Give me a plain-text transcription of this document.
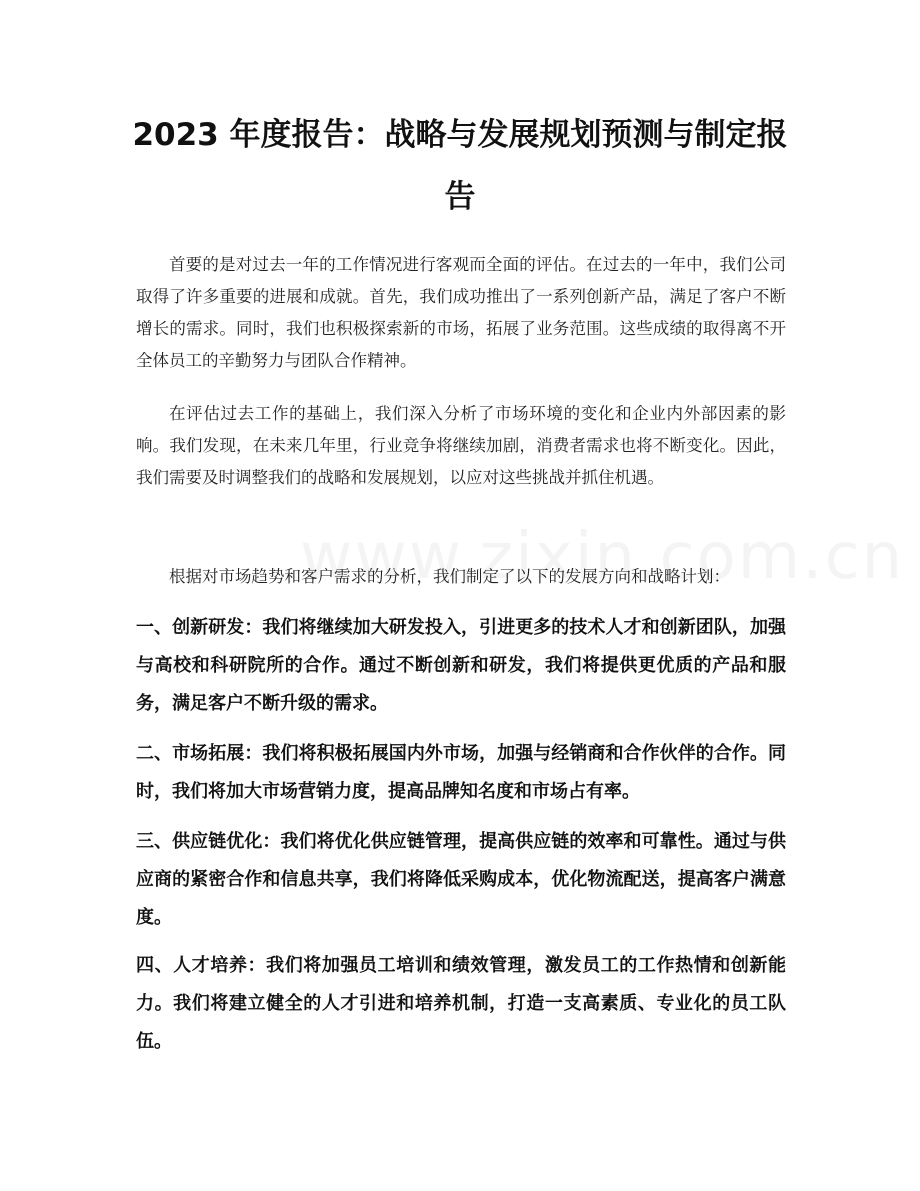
2023 年度报告：战略与发展规划预测与制定报告

首要的是对过去一年的工作情况进行客观而全面的评估。在过去的一年中，我们公司取得了许多重要的进展和成就。首先，我们成功推出了一系列创新产品，满足了客户不断增长的需求。同时，我们也积极探索新的市场，拓展了业务范围。这些成绩的取得离不开全体员工的辛勤努力与团队合作精神。

在评估过去工作的基础上，我们深入分析了市场环境的变化和企业内外部因素的影响。我们发现，在未来几年里，行业竞争将继续加剧，消费者需求也将不断变化。因此，我们需要及时调整我们的战略和发展规划，以应对这些挑战并抓住机遇。

根据对市场趋势和客户需求的分析，我们制定了以下的发展方向和战略计划：

一、创新研发：我们将继续加大研发投入，引进更多的技术人才和创新团队，加强与高校和科研院所的合作。通过不断创新和研发，我们将提供更优质的产品和服务，满足客户不断升级的需求。

二、市场拓展：我们将积极拓展国内外市场，加强与经销商和合作伙伴的合作。同时，我们将加大市场营销力度，提高品牌知名度和市场占有率。

三、供应链优化：我们将优化供应链管理，提高供应链的效率和可靠性。通过与供应商的紧密合作和信息共享，我们将降低采购成本，优化物流配送，提高客户满意度。

四、人才培养：我们将加强员工培训和绩效管理，激发员工的工作热情和创新能力。我们将建立健全的人才引进和培养机制，打造一支高素质、专业化的员工队伍。
